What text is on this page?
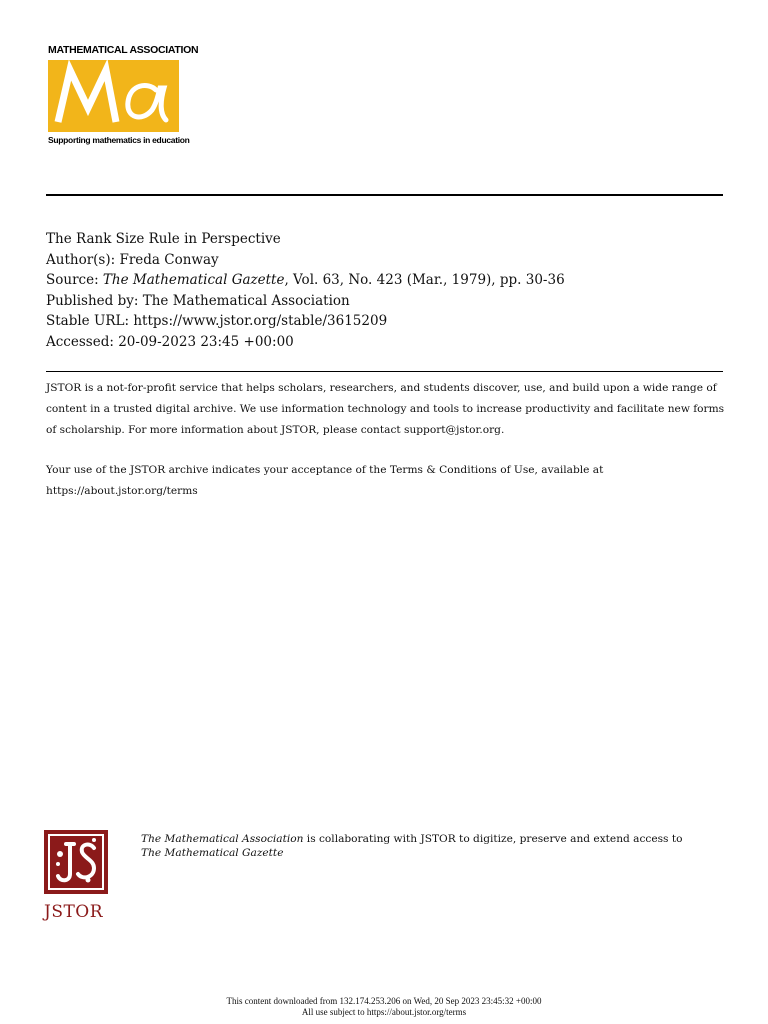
MATHEMATICAL ASSOCIATION
Supporting mathematics in education
The Rank Size Rule in Perspective
Author(s): Freda Conway
Source: The Mathematical Gazette, Vol. 63, No. 423 (Mar., 1979), pp. 30-36
Published by: The Mathematical Association
Stable URL: https://www.jstor.org/stable/3615209
Accessed: 20-09-2023 23:45 +00:00
JSTOR is a not-for-profit service that helps scholars, researchers, and students discover, use, and build upon a wide range of content in a trusted digital archive. We use information technology and tools to increase productivity and facilitate new forms of scholarship. For more information about JSTOR, please contact support@jstor.org.
Your use of the JSTOR archive indicates your acceptance of the Terms & Conditions of Use, available at
https://about.jstor.org/terms
JSTOR
The Mathematical Association is collaborating with JSTOR to digitize, preserve and extend access to The Mathematical Gazette
This content downloaded from 132.174.253.206 on Wed, 20 Sep 2023 23:45:32 +00:00
All use subject to https://about.jstor.org/terms
